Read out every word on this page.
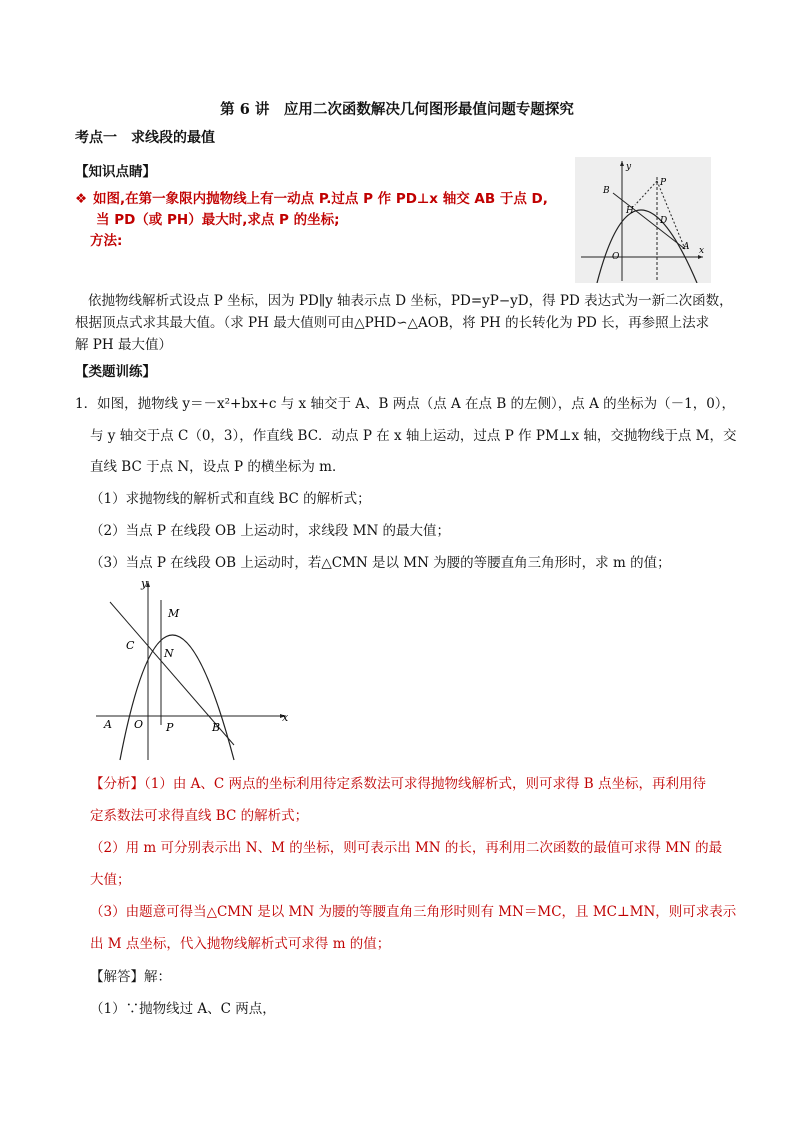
第 6 讲　应用二次函数解决几何图形最值问题专题探究
考点一　求线段的最值
【知识点睛】
❖ 如图,在第一象限内抛物线上有一动点 P.过点 P 作 PD⊥x 轴交 AB 于点 D,
当 PD（或 PH）最大时,求点 P 的坐标;
方法:
y
B
P
H
D
O
A x
依抛物线解析式设点 P 坐标，因为 PD∥y 轴表示点 D 坐标，PD=yP−yD，得 PD 表达式为一新二次函数，
根据顶点式求其最大值。（求 PH 最大值则可由△PHD∽△AOB，将 PH 的长转化为 PD 长，再参照上法求
解 PH 最大值）
【类题训练】
1．如图，抛物线 y＝－x²+bx+c 与 x 轴交于 A、B 两点（点 A 在点 B 的左侧），点 A 的坐标为（－1，0），
与 y 轴交于点 C（0，3），作直线 BC．动点 P 在 x 轴上运动，过点 P 作 PM⊥x 轴，交抛物线于点 M，交
直线 BC 于点 N，设点 P 的横坐标为 m．
（1）求抛物线的解析式和直线 BC 的解析式；
（2）当点 P 在线段 OB 上运动时，求线段 MN 的最大值；
（3）当点 P 在线段 OB 上运动时，若△CMN 是以 MN 为腰的等腰直角三角形时，求 m 的值；
y
M
C
N
A O P	B
x
【分析】（1）由 A、C 两点的坐标利用待定系数法可求得抛物线解析式，则可求得 B 点坐标，再利用待
定系数法可求得直线 BC 的解析式；
（2）用 m 可分别表示出 N、M 的坐标，则可表示出 MN 的长，再利用二次函数的最值可求得 MN 的最
大值；
（3）由题意可得当△CMN 是以 MN 为腰的等腰直角三角形时则有 MN＝MC，且 MC⊥MN，则可求表示
出 M 点坐标，代入抛物线解析式可求得 m 的值；
【解答】解：
（1）∵抛物线过 A、C 两点，
